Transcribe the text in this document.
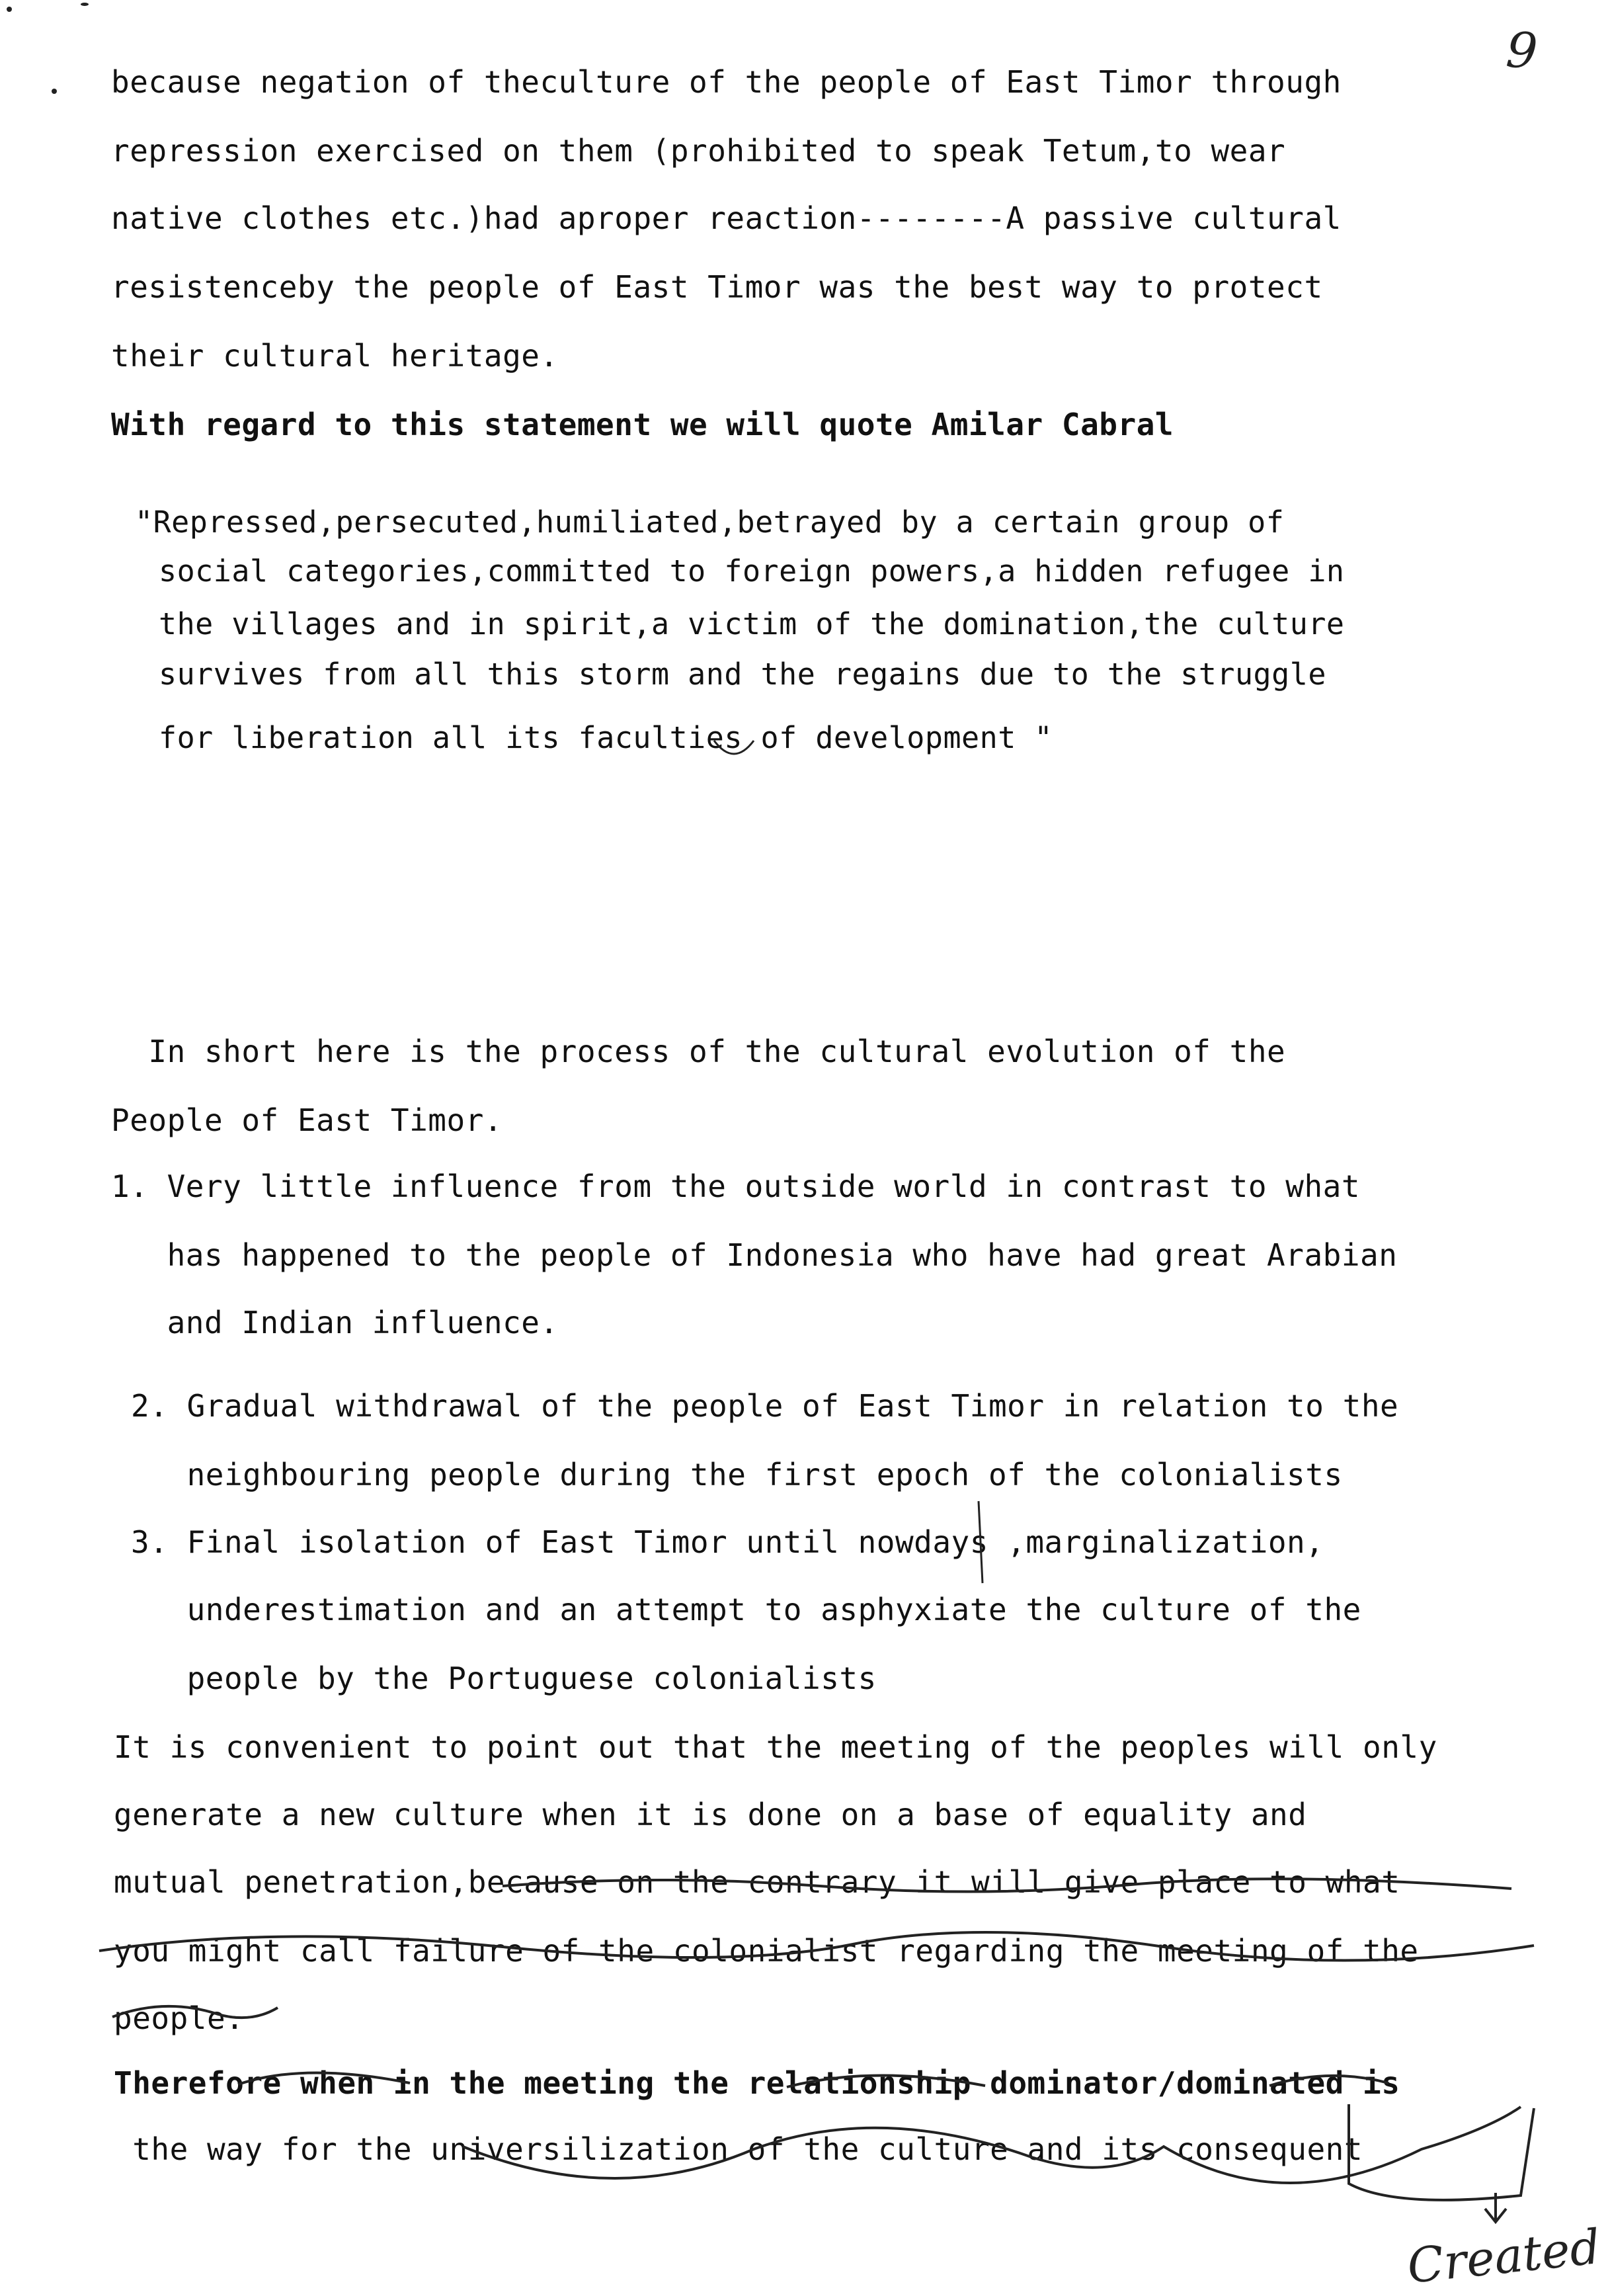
9
because negation of theculture of the people of East Timor through
repression exercised on them (prohibited to speak Tetum,to wear
native clothes etc.)had aproper reaction--------A passive cultural
resistenceby the people of East Timor was the best way to protect
their cultural heritage.
With regard to this statement we will quote Amilar Cabral
"Repressed,persecuted,humiliated,betrayed by a certain group of
social categories,committed to foreign powers,a hidden refugee in
the villages and in spirit,a victim of the domination,the culture
survives from all this storm and the regains due to the struggle
for liberation all its faculties of development "
In short here is the process of the cultural evolution of the
People of East Timor.
1. Very little influence from the outside world in contrast to what
has happened to the people of Indonesia who have had great Arabian
and Indian influence.
2. Gradual withdrawal of the people of East Timor in relation to the
neighbouring people during the first epoch of the colonialists
3. Final isolation of East Timor until nowdays ,marginalization,
underestimation and an attempt to asphyxiate the culture of the
people by the Portuguese colonialists
It is convenient to point out that the meeting of the peoples will only
generate a new culture when it is done on a base of equality and
mutual penetration,because on the contrary it will give place to what
you might call failure of the colonialist regarding the meeting of the
people.
Therefore when in the meeting the relationship dominator/dominated is
the way for the universilization of the culture and its consequent
Created
